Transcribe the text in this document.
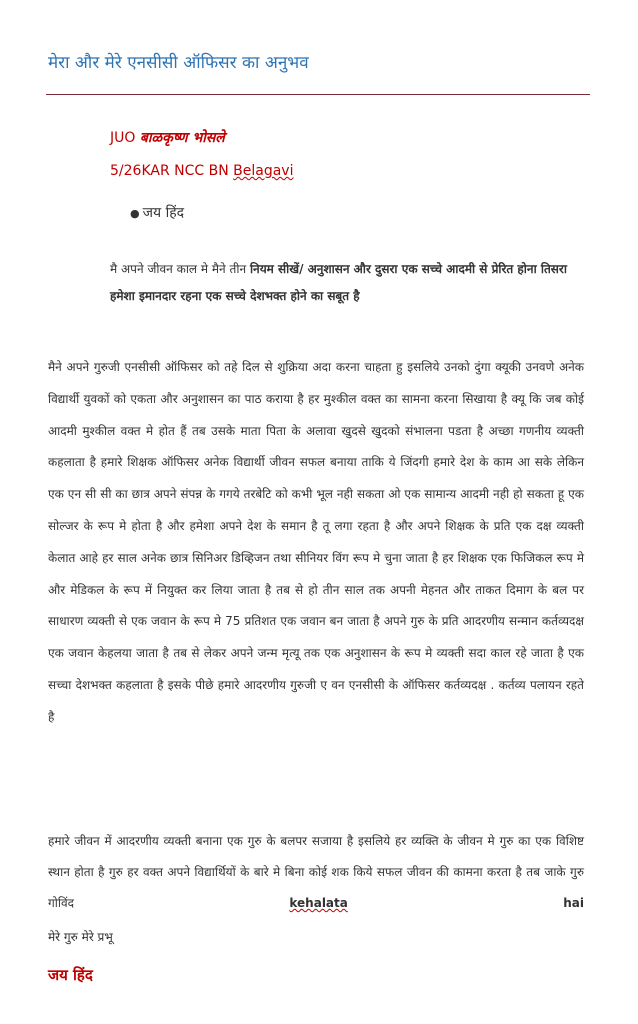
मेरा और मेरे एनसीसी ऑफिसर का अनुभव
JUO बाळकृष्ण भोसले
5/26KAR NCC BN Belagavi
● जय हिंद
मै अपने जीवन काल मे मैने तीन नियम सीखें/ अनुशासन और दुसरा एक सच्चे आदमी से प्रेरित होना तिसरा हमेशा इमानदार रहना एक सच्चे देशभक्त होने का सबूत है
मैने अपने गुरुजी एनसीसी ऑफिसर को तहे दिल से शुक्रिया अदा करना चाहता हु इसलिये उनको दुंगा क्यूकी उनवणे अनेक विद्यार्थी युवकों को एकता और अनुशासन का पाठ कराया है हर मुश्कील वक्त का सामना करना सिखाया है क्यू कि जब कोई आदमी मुश्कील वक्त मे होत हैं तब उसके माता पिता के अलावा खुदसे खुदको संभालना पडता है अच्छा गणनीय व्यक्ती कहलाता है हमारे शिक्षक ऑफिसर अनेक विद्यार्थी जीवन सफल बनाया ताकि ये जिंदगी हमारे देश के काम आ सके लेकिन एक एन सी सी का छात्र अपने संपन्न के गगये तरबेटि को कभी भूल नही सकता ओ एक सामान्य आदमी नही हो सकता हू एक सोल्जर के रूप मे होता है और हमेशा अपने देश के समान है तू लगा रहता है और अपने शिक्षक के प्रति एक दक्ष व्यक्ती केलात आहे हर साल अनेक छात्र सिनिअर डिव्हिजन तथा सीनियर विंग रूप मे चुना जाता है हर शिक्षक एक फिजिकल रूप मे और मेडिकल के रूप में नियुक्त कर लिया जाता है तब से हो तीन साल तक अपनी मेहनत और ताकत दिमाग के बल पर साधारण व्यक्ती से एक जवान के रूप मे 75 प्रतिशत एक जवान बन जाता है अपने गुरु के प्रति आदरणीय सन्मान कर्तव्यदक्ष एक जवान केहलया जाता है तब से लेकर अपने जन्म मृत्यू तक एक अनुशासन के रूप मे व्यक्ती सदा काल रहे जाता है एक सच्चा देशभक्त कहलाता है इसके पीछे हमारे आदरणीय गुरुजी ए वन एनसीसी के ऑफिसर कर्तव्यदक्ष . कर्तव्य पलायन रहते है
हमारे जीवन में आदरणीय व्यक्ती बनाना एक गुरु के बलपर सजाया है इसलिये हर व्यक्ति के जीवन मे गुरु का एक विशिष्ट स्थान होता है गुरु हर वक्त अपने विद्यार्थियों के बारे मे बिना कोई शक किये सफल जीवन की कामना करता है तब जाके गुरु गोविंद kehalata	hai
मेरे गुरु मेरे प्रभू
जय हिंद
